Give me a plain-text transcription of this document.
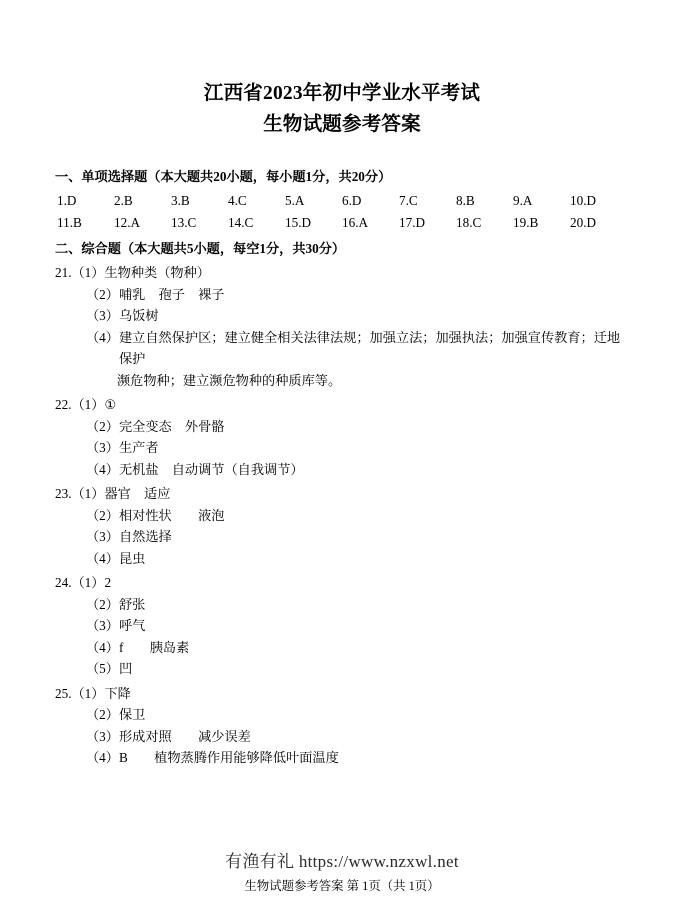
江西省2023年初中学业水平考试
生物试题参考答案
一、单项选择题（本大题共20小题，每小题1分，共20分）
1.D	2.B	3.B	4.C	5.A	6.D	7.C	8.B	9.A	10.D
11.B	12.A	13.C	14.C	15.D	16.A	17.D	18.C	19.B	20.D
二、综合题（本大题共5小题，每空1分，共30分）
21. （1） 生物种类（物种）
（2） 哺乳　孢子　裸子
（3） 乌饭树
（4） 建立自然保护区；建立健全相关法律法规；加强立法；加强执法；加强宣传教育；迁地保护
濒危物种；建立濒危物种的种质库等。
22. （1） ①
（2） 完全变态　外骨骼
（3） 生产者
（4） 无机盐　自动调节（自我调节）
23. （1） 器官　适应
（2） 相对性状　　液泡
（3） 自然选择
（4） 昆虫
24. （1） 2
（2） 舒张
（3） 呼气
（4） f　　胰岛素
（5） 凹
25. （1） 下降
（2） 保卫
（3） 形成对照　　减少误差
（4） B　　植物蒸腾作用能够降低叶面温度
有渔有礼 https://www.nzxwl.net
生物试题参考答案 第 1页（共 1页）
